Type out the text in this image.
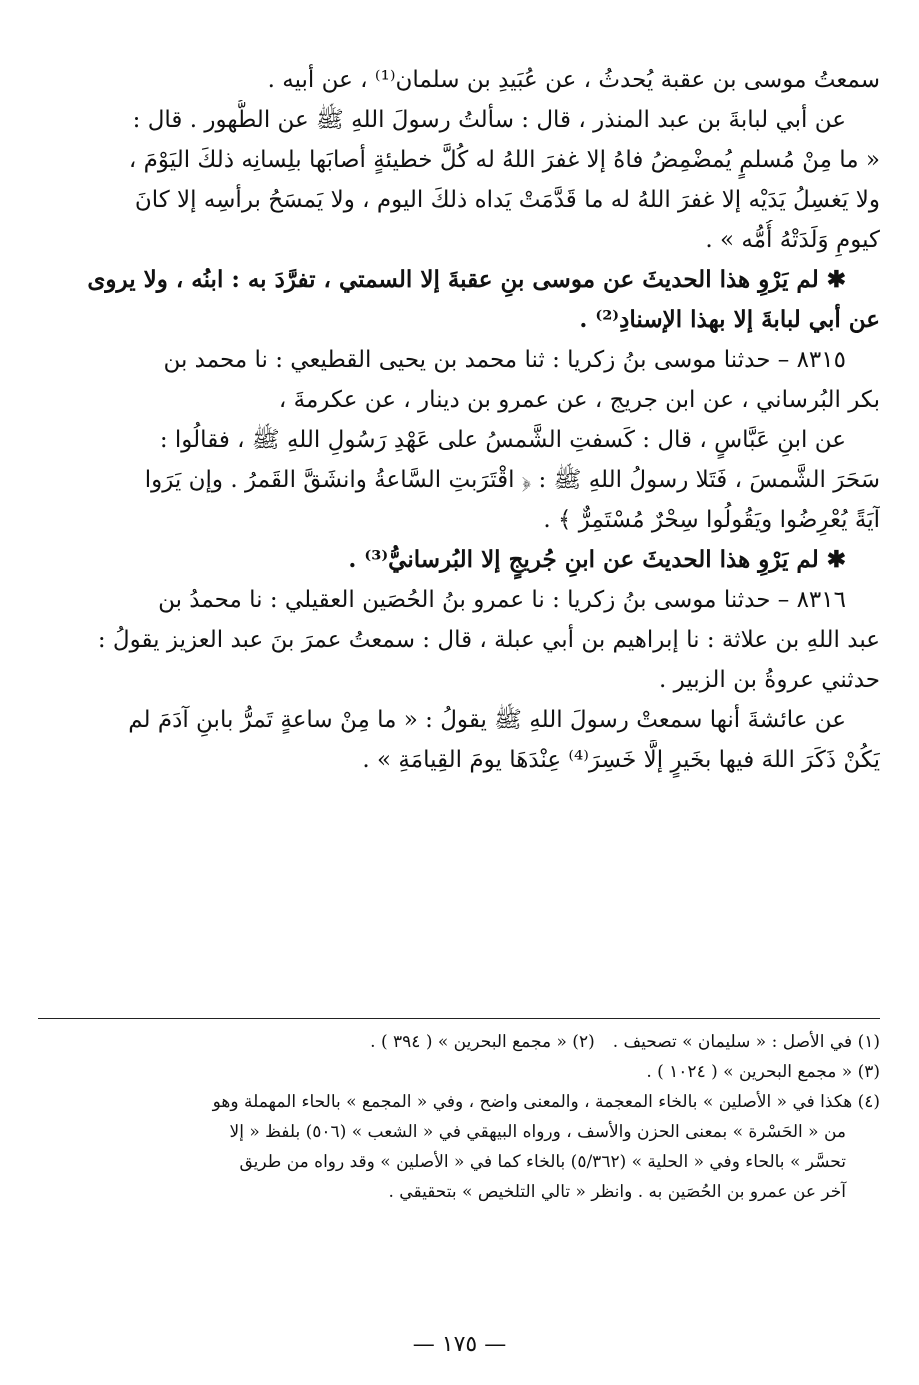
سمعتُ موسى بن عقبة يُحدثُ ، عن عُبَيدِ بن سلمان⁽¹⁾ ، عن أبيه .
عن أبي لبابةَ بن عبد المنذر ، قال : سألتُ رسولَ اللهِ ﷺ عن الطُّهور . قال :
« ما مِنْ مُسلمٍ يُمضْمِضُ فاهُ إلا غفرَ اللهُ له كُلَّ خطيئةٍ أصابَها بلِسانِه ذلكَ اليَوْمَ ،
ولا يَغسِلُ يَدَيْه إلا غفرَ اللهُ له ما قَدَّمَتْ يَداه ذلكَ اليوم ، ولا يَمسَحُ برأسِه إلا كانَ
كيومِ وَلَدَتْهُ أُمُّه » .
✱ لم يَرْوِ هذا الحديثَ عن موسى بنِ عقبةَ إلا السمتي ، تفرَّدَ به : ابنُه ، ولا يروى
عن أبي لبابةَ إلا بهذا الإسنادِ⁽²⁾ .
٨٣١٥ – حدثنا موسى بنُ زكريا : ثنا محمد بن يحيى القطيعي : نا محمد بن
بكر البُرساني ، عن ابن جريج ، عن عمرو بن دينار ، عن عكرمةَ ،
عن ابنِ عَبَّاسٍ ، قال : كَسفتِ الشَّمسُ على عَهْدِ رَسُولِ اللهِ ﷺ ، فقالُوا :
سَحَرَ الشَّمسَ ، فَتَلا رسولُ اللهِ ﷺ : ﴿ اقْتَرَبتِ السَّاعةُ وانشَقَّ القَمرُ . وإن يَرَوا
آيَةً يُعْرِضُوا ويَقُولُوا سِحْرٌ مُسْتَمِرٌّ ﴾ .
✱ لم يَرْوِ هذا الحديثَ عن ابنِ جُريجٍ إلا البُرسانيُّ⁽³⁾ .
٨٣١٦ – حدثنا موسى بنُ زكريا : نا عمرو بنُ الحُصَين العقيلي : نا محمدُ بن
عبد اللهِ بن علاثة : نا إبراهيم بن أبي عبلة ، قال : سمعتُ عمرَ بنَ عبد العزيز يقولُ :
حدثني عروةُ بن الزبير .
عن عائشةَ أنها سمعتْ رسولَ اللهِ ﷺ يقولُ : « ما مِنْ ساعةٍ تَمرُّ بابنِ آدَمَ لم
يَكُنْ ذَكَرَ اللهَ فيها بخَيرٍ إلَّا خَسِرَ⁽⁴⁾ عِنْدَهَا يومَ القِيامَةِ » .
(١) في الأصل : « سليمان » تصحيف .
(٢) « مجمع البحرين » ( ٣٩٤ ) .
(٣) « مجمع البحرين » ( ١٠٢٤ ) .
(٤) هكذا في « الأصلين » بالخاء المعجمة ، والمعنى واضح ، وفي « المجمع » بالحاء المهملة وهو
من « الحَسْرة » بمعنى الحزن والأسف ، ورواه البيهقي في « الشعب » (٥٠٦) بلفظ « إلا
تحسَّر » بالحاء وفي « الحلية » (٥/٣٦٢) بالخاء كما في « الأصلين » وقد رواه من طريق
آخر عن عمرو بن الحُصَين به . وانظر « تالي التلخيص » بتحقيقي .
— ١٧٥ —
